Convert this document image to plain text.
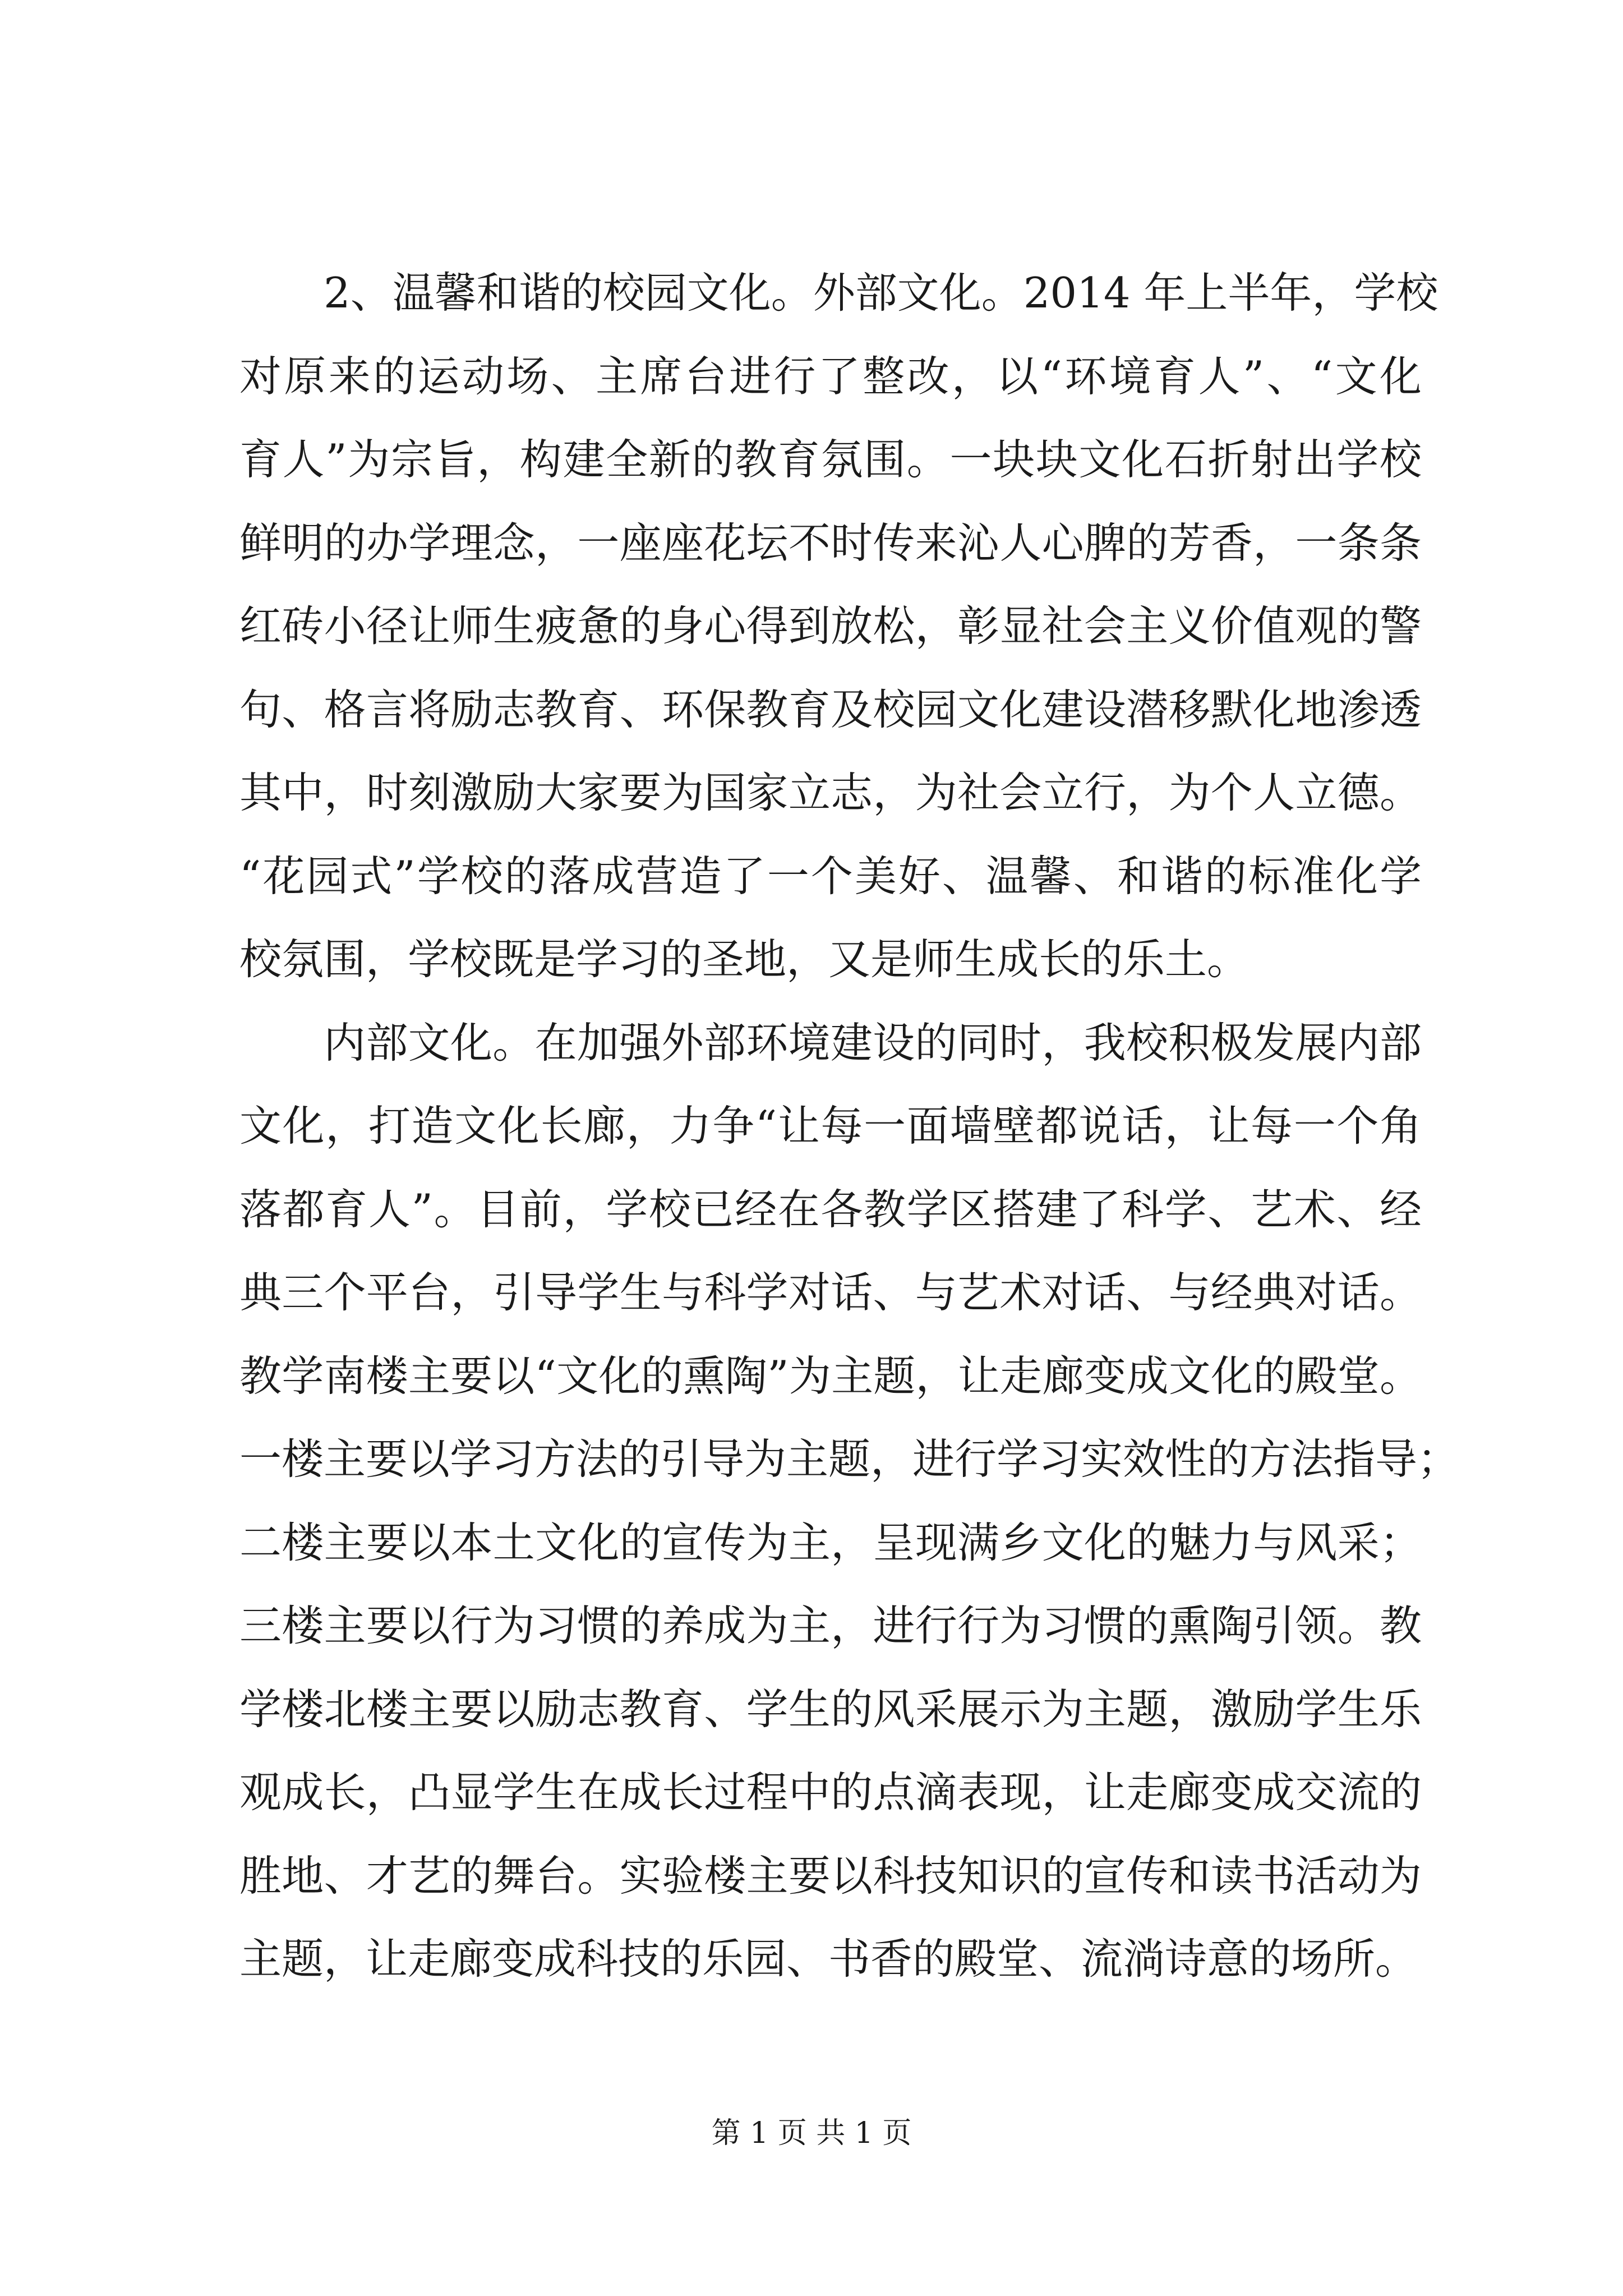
2、温馨和谐的校园文化。外部文化。2014 年上半年，学校
对原来的运动场、主席台进行了整改，以“环境育人”、“文化
育人”为宗旨，构建全新的教育氛围。一块块文化石折射出学校
鲜明的办学理念，一座座花坛不时传来沁人心脾的芳香，一条条
红砖小径让师生疲惫的身心得到放松，彰显社会主义价值观的警
句、格言将励志教育、环保教育及校园文化建设潜移默化地渗透
其中，时刻激励大家要为国家立志，为社会立行，为个人立德。
“花园式”学校的落成营造了一个美好、温馨、和谐的标准化学
校氛围，学校既是学习的圣地，又是师生成长的乐土。
内部文化。在加强外部环境建设的同时，我校积极发展内部
文化，打造文化长廊，力争“让每一面墙壁都说话，让每一个角
落都育人”。目前，学校已经在各教学区搭建了科学、艺术、经
典三个平台，引导学生与科学对话、与艺术对话、与经典对话。
教学南楼主要以“文化的熏陶”为主题，让走廊变成文化的殿堂。
一楼主要以学习方法的引导为主题，进行学习实效性的方法指导；
二楼主要以本土文化的宣传为主，呈现满乡文化的魅力与风采；
三楼主要以行为习惯的养成为主，进行行为习惯的熏陶引领。教
学楼北楼主要以励志教育、学生的风采展示为主题，激励学生乐
观成长，凸显学生在成长过程中的点滴表现，让走廊变成交流的
胜地、才艺的舞台。实验楼主要以科技知识的宣传和读书活动为
主题，让走廊变成科技的乐园、书香的殿堂、流淌诗意的场所。
第 1 页 共 1 页
